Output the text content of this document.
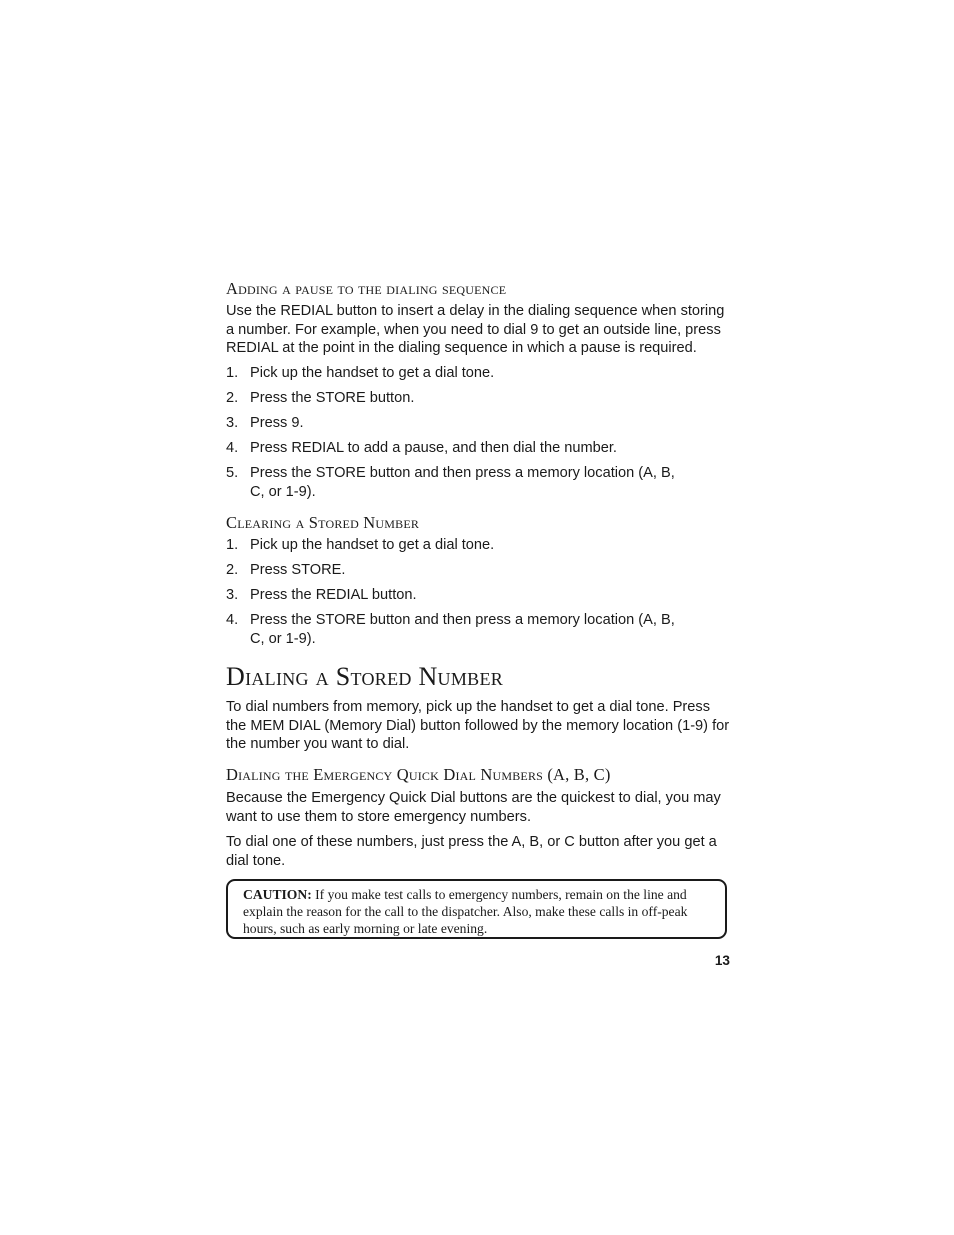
Adding a pause to the dialing sequence
Use the REDIAL button to insert a delay in the dialing sequence when storing a number. For example, when you need to dial 9 to get an outside line, press REDIAL at the point in the dialing sequence in which a pause is required.
1. Pick up the handset to get a dial tone.
2. Press the STORE button.
3. Press 9.
4. Press REDIAL to add a pause, and then dial the number.
5. Press the STORE button and then press a memory location (A, B, C, or 1-9).
Clearing a Stored Number
1. Pick up the handset to get a dial tone.
2. Press STORE.
3. Press the REDIAL button.
4. Press the STORE button and then press a memory location (A, B, C, or 1-9).
Dialing a Stored Number
To dial numbers from memory, pick up the handset to get a dial tone. Press the MEM DIAL (Memory Dial) button followed by the memory location (1-9) for the number you want to dial.
Dialing the Emergency Quick Dial Numbers (A, B, C)
Because the Emergency Quick Dial buttons are the quickest to dial, you may want to use them to store emergency numbers.
To dial one of these numbers, just press the A, B, or C button after you get a dial tone.
CAUTION: If you make test calls to emergency numbers, remain on the line and explain the reason for the call to the dispatcher. Also, make these calls in off-peak hours, such as early morning or late evening.
13
